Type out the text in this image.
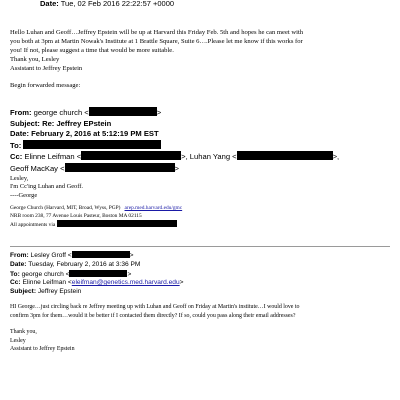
Date: Tue, 02 Feb 2016 22:22:57 +0000

Hello Luhan and Geoff…Jeffrey Epstein will be up at Harvard this Friday Feb. 5th and hopes he can meet with

you both at 3pm at Martin Nowak's Institute at 1 Brattle Square, Suite 6….Please let me know if this works for

you! If not, please suggest a time that would be more suitable.

Thank you, Lesley

Assistant to Jeffrey Epstein

Begin forwarded message:

From: george church <	>

Subject: Re: Jeffrey EPstein

Date: February 2, 2016 at 5:12:19 PM EST

To:

Cc: Elinne Leifman <	>, Luhan Yang <	>,

Geoff MacKay <	>

Lesley,

I'm Cc'ing Luhan and Geoff.

----George

George Church (Harvard, MIT, Broad, Wyss, PGP) arep.med.harvard.edu/gmc

NRB room 238, 77 Avenue Louis Pasteur, Boston MA 02115

All appointments via

From: Lesley Groff <	>

Date: Tuesday, February 2, 2016 at 3:36 PM

To: george church <	>

Cc: Elinne Leifman <eleifman@genetics.med.harvard.edu>

Subject: Jeffrey Epstein

HI George…just circling back re Jeffrey meeting up with Luhan and Geoff on Friday at Martin's institute…I would love to

confirm 3pm for them…would it be better if I contacted them directly? If so, could you pass along their email addresses?

Thank you,

Lesley

Assistant to Jeffrey Epstein
